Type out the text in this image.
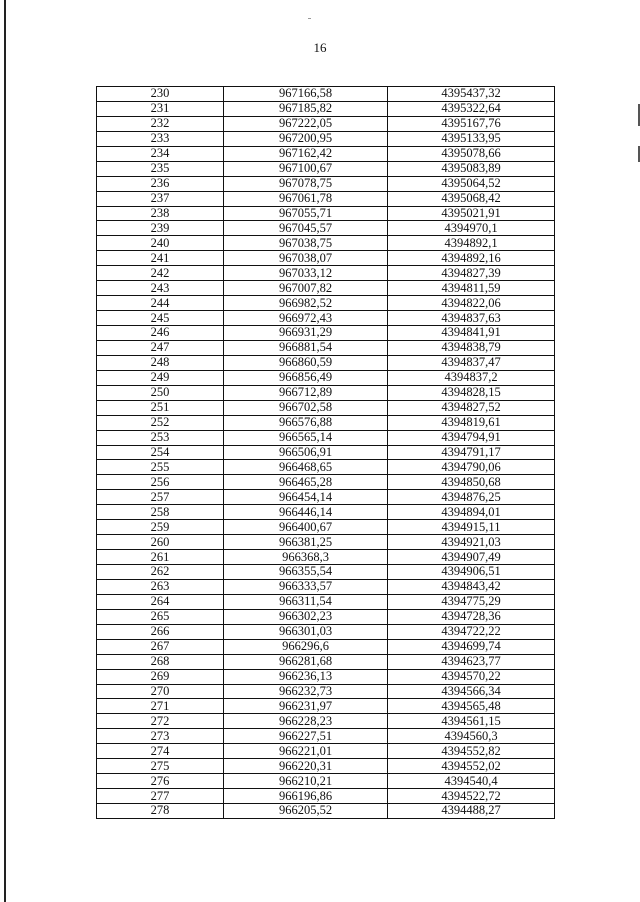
16
230	967166,58	4395437,32
231	967185,82	4395322,64
232	967222,05	4395167,76
233	967200,95	4395133,95
234	967162,42	4395078,66
235	967100,67	4395083,89
236	967078,75	4395064,52
237	967061,78	4395068,42
238	967055,71	4395021,91
239	967045,57	4394970,1
240	967038,75	4394892,1
241	967038,07	4394892,16
242	967033,12	4394827,39
243	967007,82	4394811,59
244	966982,52	4394822,06
245	966972,43	4394837,63
246	966931,29	4394841,91
247	966881,54	4394838,79
248	966860,59	4394837,47
249	966856,49	4394837,2
250	966712,89	4394828,15
251	966702,58	4394827,52
252	966576,88	4394819,61
253	966565,14	4394794,91
254	966506,91	4394791,17
255	966468,65	4394790,06
256	966465,28	4394850,68
257	966454,14	4394876,25
258	966446,14	4394894,01
259	966400,67	4394915,11
260	966381,25	4394921,03
261	966368,3	4394907,49
262	966355,54	4394906,51
263	966333,57	4394843,42
264	966311,54	4394775,29
265	966302,23	4394728,36
266	966301,03	4394722,22
267	966296,6	4394699,74
268	966281,68	4394623,77
269	966236,13	4394570,22
270	966232,73	4394566,34
271	966231,97	4394565,48
272	966228,23	4394561,15
273	966227,51	4394560,3
274	966221,01	4394552,82
275	966220,31	4394552,02
276	966210,21	4394540,4
277	966196,86	4394522,72
278	966205,52	4394488,27
